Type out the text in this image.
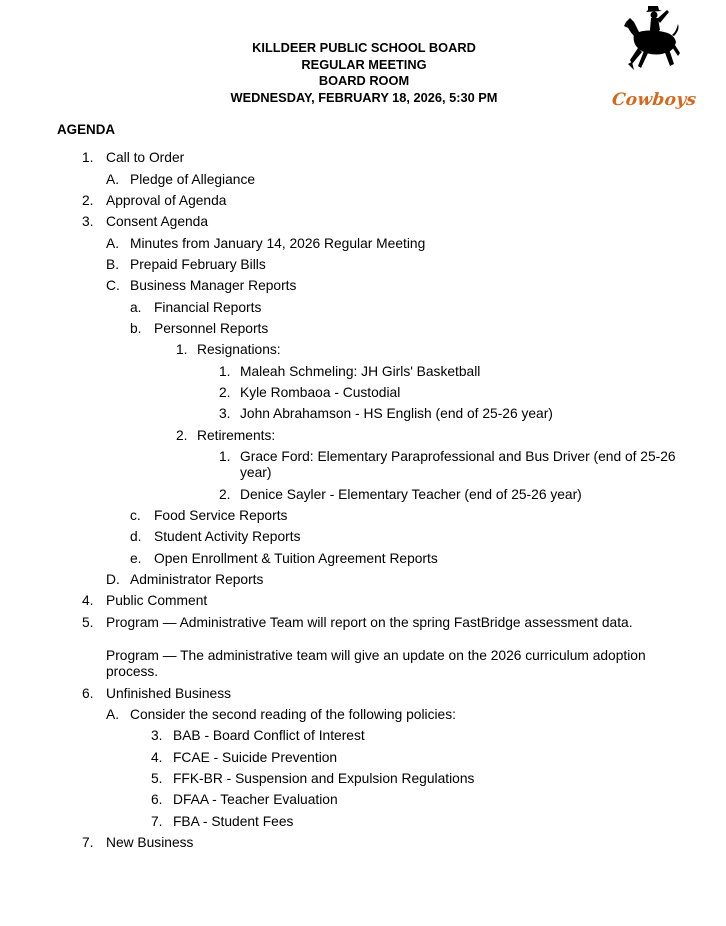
KILLDEER PUBLIC SCHOOL BOARD
REGULAR MEETING
BOARD ROOM
WEDNESDAY, FEBRUARY 18, 2026, 5:30 PM	Cowboys
AGENDA
1. Call to Order
A. Pledge of Allegiance
2. Approval of Agenda
3. Consent Agenda
A. Minutes from January 14, 2026 Regular Meeting
B. Prepaid February Bills
C. Business Manager Reports
a. Financial Reports
b. Personnel Reports
1. Resignations:
1. Maleah Schmeling: JH Girls' Basketball
2. Kyle Rombaoa - Custodial
3. John Abrahamson - HS English (end of 25-26 year)
2. Retirements:
1. Grace Ford: Elementary Paraprofessional and Bus Driver (end of 25-26 year)
2. Denice Sayler - Elementary Teacher (end of 25-26 year)
c. Food Service Reports
d. Student Activity Reports
e. Open Enrollment & Tuition Agreement Reports
D. Administrator Reports
4. Public Comment
5. Program — Administrative Team will report on the spring FastBridge assessment data.
Program — The administrative team will give an update on the 2026 curriculum adoption process.
6. Unfinished Business
A. Consider the second reading of the following policies:
3. BAB - Board Conflict of Interest
4. FCAE - Suicide Prevention
5. FFK-BR - Suspension and Expulsion Regulations
6. DFAA - Teacher Evaluation
7. FBA - Student Fees
7. New Business
